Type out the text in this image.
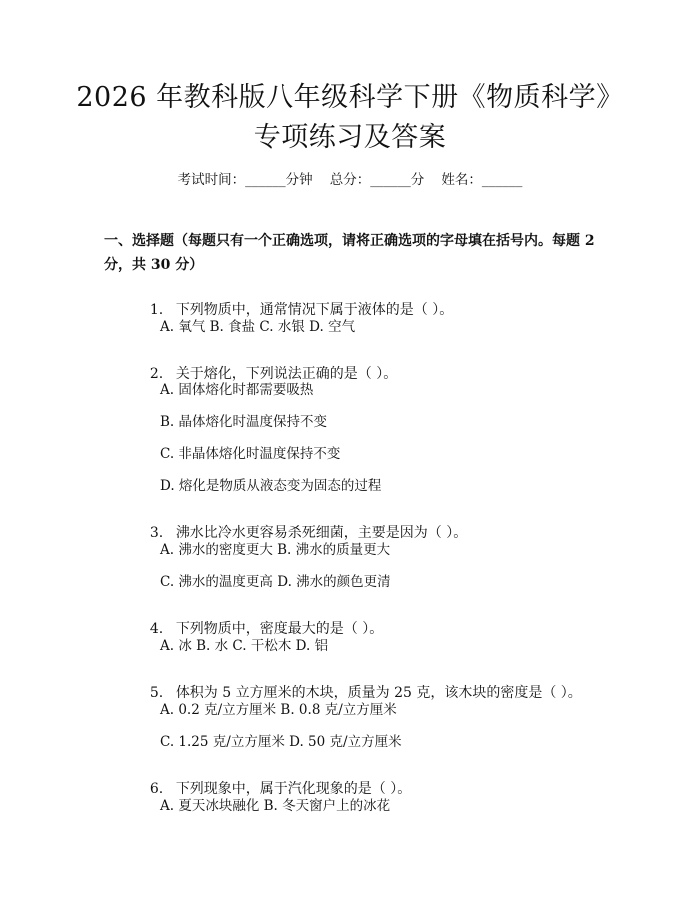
2026 年教科版八年级科学下册《物质科学》
专项练习及答案
考试时间：______分钟    总分：______分    姓名：______
一、选择题（每题只有一个正确选项，请将正确选项的字母填在括号内。每题 2 分，共 30 分）

1. 下列物质中，通常情况下属于液体的是（ ）。

A. 氧气 B. 食盐 C. 水银 D. 空气

2. 关于熔化，下列说法正确的是（ ）。

A. 固体熔化时都需要吸热
B. 晶体熔化时温度保持不变
C. 非晶体熔化时温度保持不变
D. 熔化是物质从液态变为固态的过程

3. 沸水比冷水更容易杀死细菌，主要是因为（ ）。

A. 沸水的密度更大 B. 沸水的质量更大
C. 沸水的温度更高 D. 沸水的颜色更清

4. 下列物质中，密度最大的是（ ）。

A. 冰 B. 水 C. 干松木 D. 铝

5. 体积为 5 立方厘米的木块，质量为 25 克，该木块的密度是（ ）。

A. 0.2 克/立方厘米 B. 0.8 克/立方厘米
C. 1.25 克/立方厘米 D. 50 克/立方厘米

6. 下列现象中，属于汽化现象的是（ ）。

A. 夏天冰块融化 B. 冬天窗户上的冰花
